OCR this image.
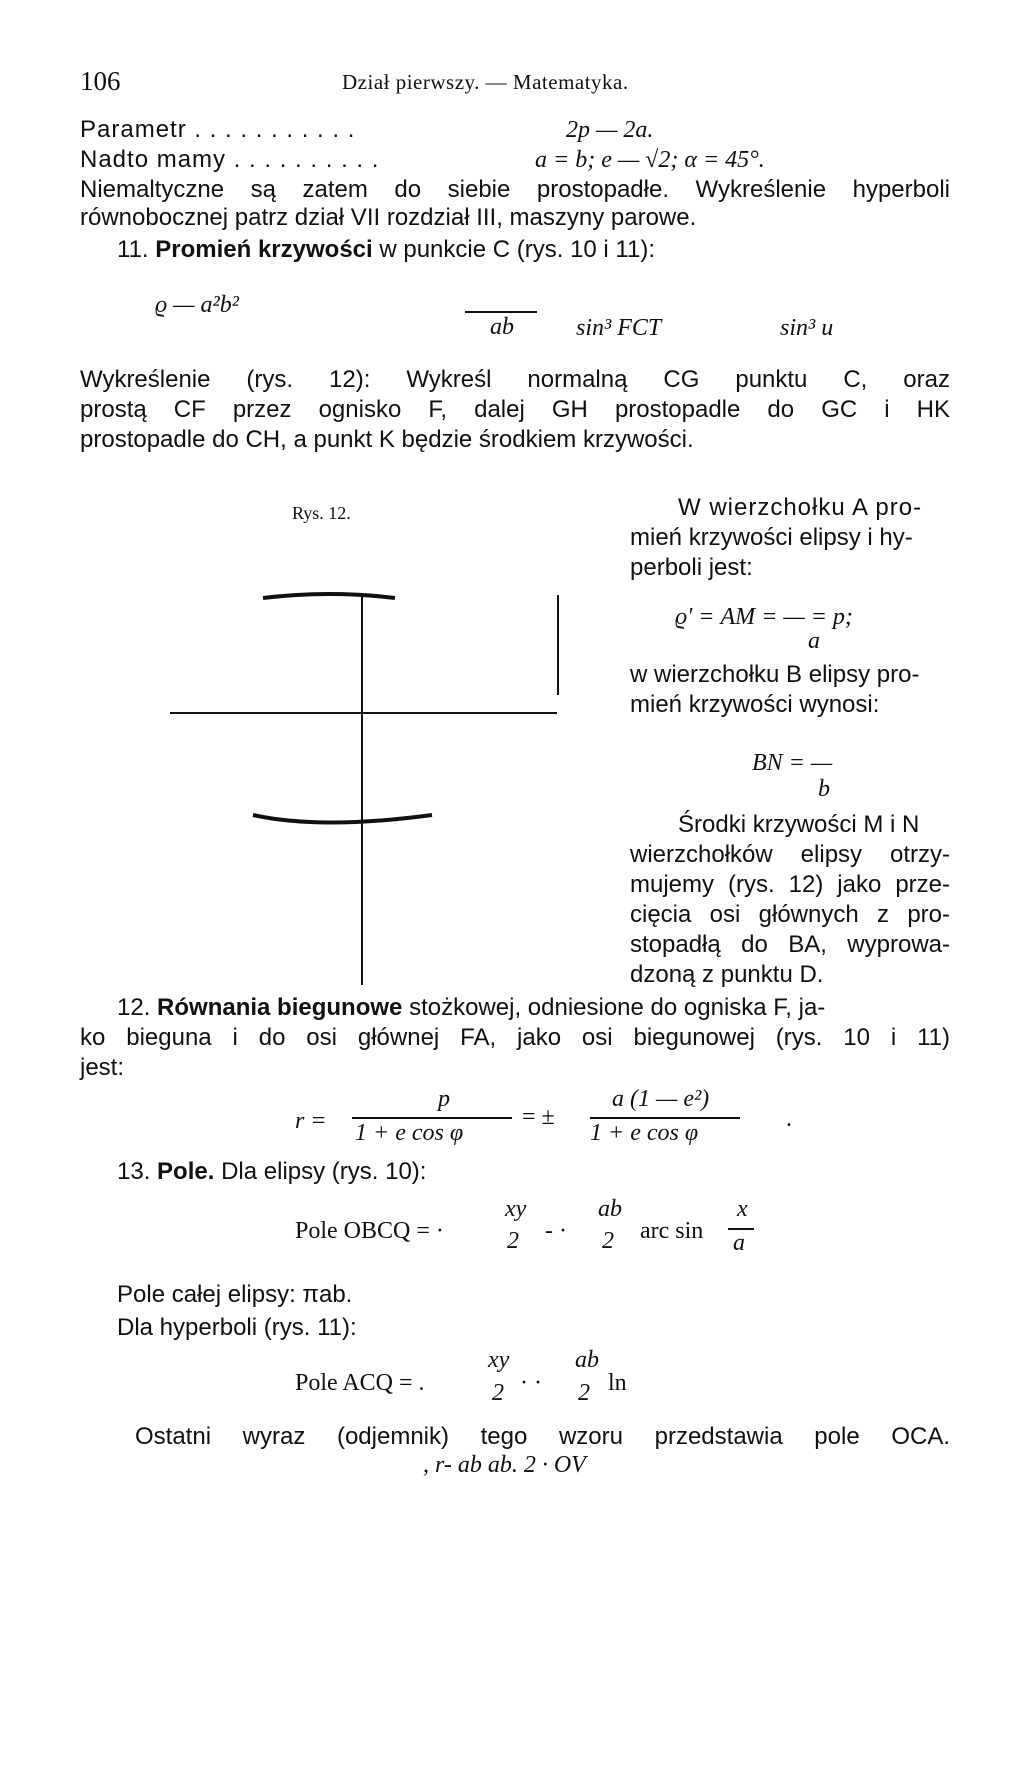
106	Dział pierwszy. — Matematyka.
Parametr . . . . . . . . . . .	2p — 2a.
Nadto mamy . . . . . . . . . .	a = b; e — √2; α = 45°.
Niemaltyczne są zatem do siebie prostopadłe. Wykreślenie hyperboli
równobocznej patrz dział VII rozdział III, maszyny parowe.
11. Promień krzywości w punkcie C (rys. 10 i 11):
ϱ — a²b²
ab	sin³ FCT	sin³ u
Wykreślenie (rys. 12): Wykreśl normalną CG punktu C, oraz
prostą CF przez ognisko F, dalej GH prostopadle do GC i HK
prostopadle do CH, a punkt K będzie środkiem krzywości.
Rys. 12.	W wierzchołku A pro-
mień krzywości elipsy i hy-
perboli jest:
ϱ' = AM = — = p;
a
w wierzchołku B elipsy pro-
mień krzywości wynosi:
BN = —
b
Środki krzywości M i N
wierzchołków elipsy otrzy-
mujemy (rys. 12) jako prze-
cięcia osi głównych z pro-
stopadłą do BA, wyprowa-
dzoną z punktu D.
12. Równania biegunowe stożkowej, odniesione do ogniska F, ja-
ko bieguna i do osi głównej FA, jako osi biegunowej (rys. 10 i 11)
jest:
r =
p
1 + e cos φ
= ±
a (1 — e²)
1 + e cos φ
.
13. Pole. Dla elipsy (rys. 10):
Pole OBCQ = ·
xy
2 - ·
ab
2 arc sin
x
a
Pole całej elipsy: πab.
Dla hyperboli (rys. 11):
Pole ACQ = .
xy
2 · ·
ab
2 ln
Ostatni wyraz (odjemnik) tego wzoru przedstawia pole OCA.
, r- ab ab. 2 · OV
